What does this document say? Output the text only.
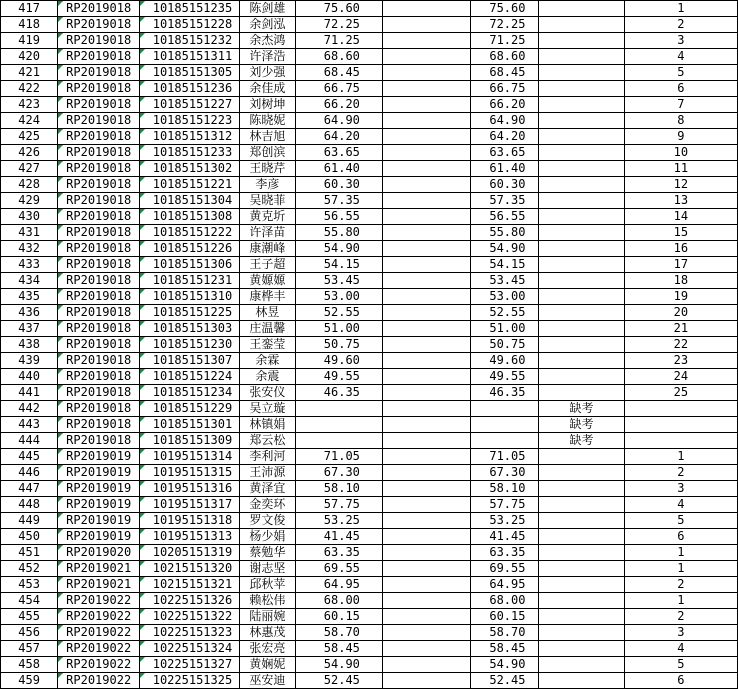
417	RP2019018	10185151235	陈剑雄	75.60		75.60		1
418	RP2019018	10185151228	余剑泓	72.25		72.25		2
419	RP2019018	10185151232	余杰鸿	71.25		71.25		3
420	RP2019018	10185151311	许泽浩	68.60		68.60		4
421	RP2019018	10185151305	刘少强	68.45		68.45		5
422	RP2019018	10185151236	余佳成	66.75		66.75		6
423	RP2019018	10185151227	刘树坤	66.20		66.20		7
424	RP2019018	10185151223	陈晓妮	64.90		64.90		8
425	RP2019018	10185151312	林吉旭	64.20		64.20		9
426	RP2019018	10185151233	郑创滨	63.65		63.65		10
427	RP2019018	10185151302	王晓芹	61.40		61.40		11
428	RP2019018	10185151221	李彦	60.30		60.30		12
429	RP2019018	10185151304	吴晓菲	57.35		57.35		13
430	RP2019018	10185151308	黄克圻	56.55		56.55		14
431	RP2019018	10185151222	许泽苗	55.80		55.80		15
432	RP2019018	10185151226	康潮峰	54.90		54.90		16
433	RP2019018	10185151306	王子超	54.15		54.15		17
434	RP2019018	10185151231	黄嫄嫄	53.45		53.45		18
435	RP2019018	10185151310	康桦丰	53.00		53.00		19
436	RP2019018	10185151225	林昱	52.55		52.55		20
437	RP2019018	10185151303	庄温馨	51.00		51.00		21
438	RP2019018	10185151230	王銮莹	50.75		50.75		22
439	RP2019018	10185151307	余霖	49.60		49.60		23
440	RP2019018	10185151224	余震	49.55		49.55		24
441	RP2019018	10185151234	张安仪	46.35		46.35		25
442	RP2019018	10185151229	吴立璇				缺考	
443	RP2019018	10185151301	林镇娟				缺考	
444	RP2019018	10185151309	郑云松				缺考	
445	RP2019019	10195151314	李利河	71.05		71.05		1
446	RP2019019	10195151315	王沛源	67.30		67.30		2
447	RP2019019	10195151316	黄泽宜	58.10		58.10		3
448	RP2019019	10195151317	金奕环	57.75		57.75		4
449	RP2019019	10195151318	罗文俊	53.25		53.25		5
450	RP2019019	10195151313	杨少娟	41.45		41.45		6
451	RP2019020	10205151319	蔡勉华	63.35		63.35		1
452	RP2019021	10215151320	谢志坚	69.55		69.55		1
453	RP2019021	10215151321	邱秋苹	64.95		64.95		2
454	RP2019022	10225151326	赖松伟	68.00		68.00		1
455	RP2019022	10225151322	陆丽婉	60.15		60.15		2
456	RP2019022	10225151323	林惠茂	58.70		58.70		3
457	RP2019022	10225151324	张宏亮	58.45		58.45		4
458	RP2019022	10225151327	黄娴妮	54.90		54.90		5
459	RP2019022	10225151325	巫安迪	52.45		52.45		6
